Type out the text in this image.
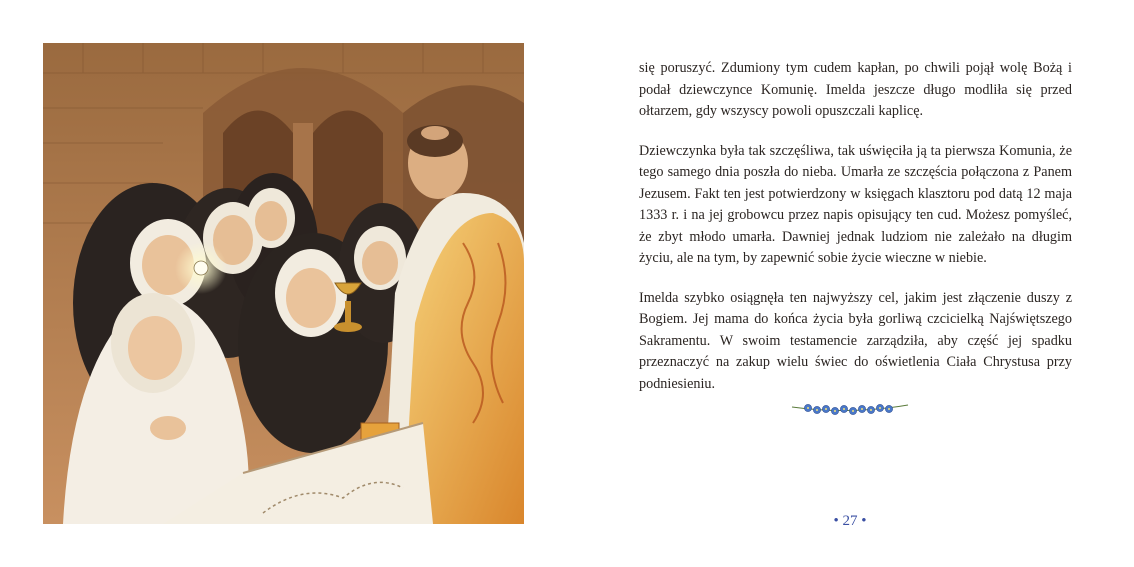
się poruszyć. Zdumiony tym cudem kapłan, po chwili pojął wolę Bożą i podał dziewczynce Komunię. Imelda jeszcze długo modliła się przed ołtarzem, gdy wszyscy powoli opuszczali kaplicę.

Dziewczynka była tak szczęśliwa, tak uświęciła ją ta pierwsza Komunia, że tego samego dnia poszła do nieba. Umarła ze szczęścia połączona z Panem Jezusem. Fakt ten jest potwierdzony w księgach klasztoru pod datą 12 maja 1333 r. i na jej grobowcu przez napis opisujący ten cud. Możesz pomyśleć, że zbyt młodo umarła. Dawniej jednak ludziom nie zależało na długim życiu, ale na tym, by zapewnić sobie życie wieczne w niebie.

Imelda szybko osiągnęła ten najwyższy cel, jakim jest złączenie duszy z Bogiem. Jej mama do końca życia była gorliwą czcicielką Najświętszego Sakramentu. W swoim testamencie zarządziła, aby część jej spadku przeznaczyć na zakup wielu świec do oświetlenia Ciała Chrystusa przy podniesieniu.

• 27 •
